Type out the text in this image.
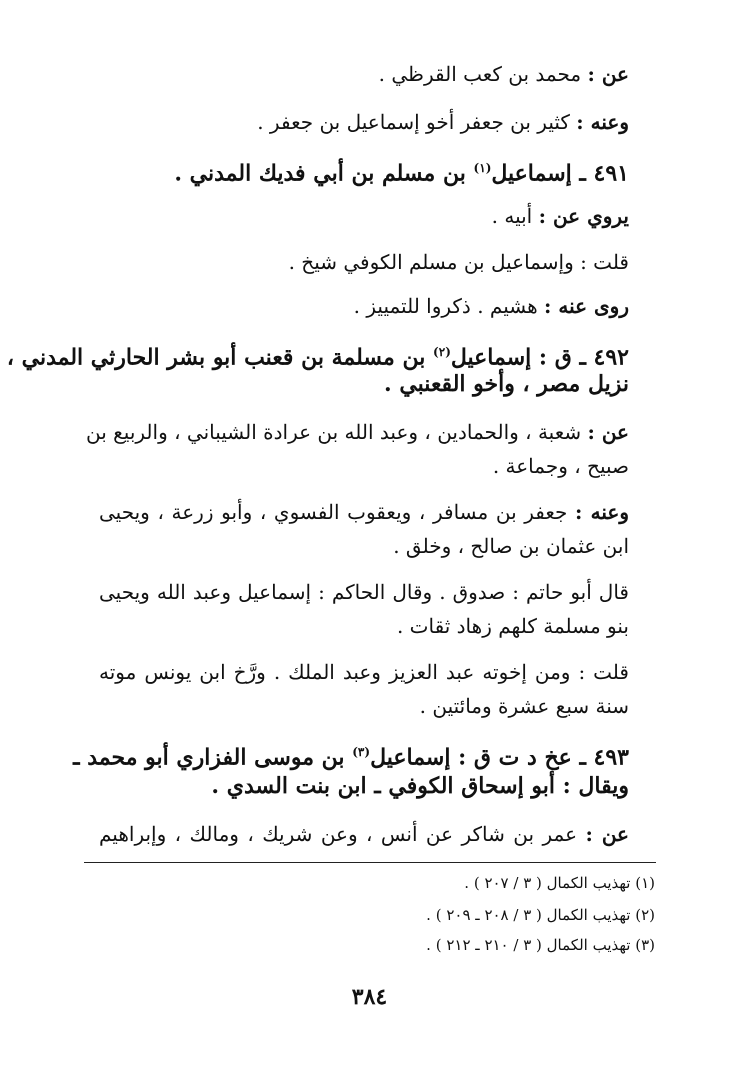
عن : محمد بن كعب القرظي .
وعنه : كثير بن جعفر أخو إسماعيل بن جعفر .
٤٩١ ـ إسماعيل$^{(١)}$ بن مسلم بن أبي فديك المدني .
يروي عن : أبيه .
قلت : وإسماعيل بن مسلم الكوفي شيخ .
روى عنه : هشيم . ذكروا للتمييز .
٤٩٢ ـ ق : إسماعيل$^{(٢)}$ بن مسلمة بن قعنب أبو بشر الحارثي المدني ،
نزيل مصر ، وأخو القعنبي .
عن : شعبة ، والحمادين ، وعبد الله بن عرادة الشيباني ، والربيع بن
صبيح ، وجماعة .
وعنه : جعفر بن مسافر ، ويعقوب الفسوي ، وأبو زرعة ، ويحيى
ابن عثمان بن صالح ، وخلق .
قال أبو حاتم : صدوق . وقال الحاكم : إسماعيل وعبد الله ويحيى
بنو مسلمة كلهم زهاد ثقات .
قلت : ومن إخوته عبد العزيز وعبد الملك . ورَّخ ابن يونس موته
سنة سبع عشرة ومائتين .
٤٩٣ ـ عخ د ت ق : إسماعيل$^{(٣)}$ بن موسى الفزاري أبو محمد ـ
ويقال : أبو إسحاق الكوفي ـ ابن بنت السدي .
عن : عمر بن شاكر عن أنس ، وعن شريك ، ومالك ، وإبراهيم
(١) تهذيب الكمال ( ٣ / ٢٠٧ ) .
(٢) تهذيب الكمال ( ٣ / ٢٠٨ ـ ٢٠٩ ) .
(٣) تهذيب الكمال ( ٣ / ٢١٠ ـ ٢١٢ ) .
٣٨٤
